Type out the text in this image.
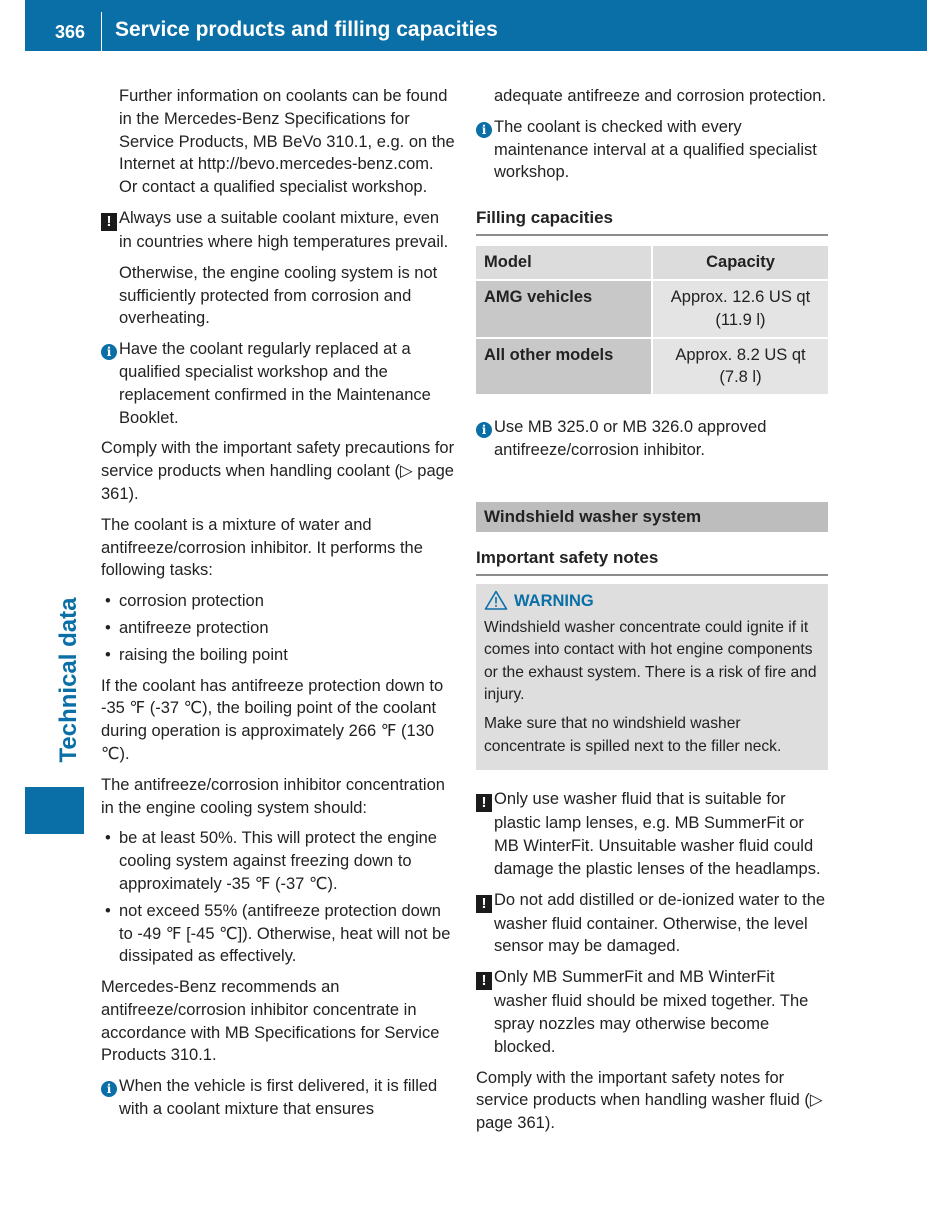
366 Service products and filling capacities
Technical data

Further information on coolants can be found in the Mercedes-Benz Specifications for Service Products, MB BeVo 310.1, e.g. on the Internet at http://bevo.mercedes-benz.com. Or contact a qualified specialist workshop.

! Always use a suitable coolant mixture, even in countries where high temperatures prevail.

Otherwise, the engine cooling system is not sufficiently protected from corrosion and overheating.

i Have the coolant regularly replaced at a qualified specialist workshop and the replacement confirmed in the Maintenance Booklet.

Comply with the important safety precautions for service products when handling coolant (▷ page 361).

The coolant is a mixture of water and antifreeze/corrosion inhibitor. It performs the following tasks:

• corrosion protection
• antifreeze protection
• raising the boiling point

If the coolant has antifreeze protection down to -35 ℉ (-37 ℃), the boiling point of the coolant during operation is approximately 266 ℉ (130 ℃).

The antifreeze/corrosion inhibitor concentration in the engine cooling system should:

• be at least 50%. This will protect the engine cooling system against freezing down to approximately -35 ℉ (-37 ℃).
• not exceed 55% (antifreeze protection down to -49 ℉ [-45 ℃]). Otherwise, heat will not be dissipated as effectively.

Mercedes-Benz recommends an antifreeze/corrosion inhibitor concentrate in accordance with MB Specifications for Service Products 310.1.

i When the vehicle is first delivered, it is filled with a coolant mixture that ensures

adequate antifreeze and corrosion protection.

i The coolant is checked with every maintenance interval at a qualified specialist workshop.

Filling capacities
Model	Capacity
AMG vehicles	Approx. 12.6 US qt (11.9 l)
All other models	Approx. 8.2 US qt (7.8 l)

i Use MB 325.0 or MB 326.0 approved antifreeze/corrosion inhibitor.

Windshield washer system
Important safety notes
WARNING

Windshield washer concentrate could ignite if it comes into contact with hot engine components or the exhaust system. There is a risk of fire and injury.

Make sure that no windshield washer concentrate is spilled next to the filler neck.

! Only use washer fluid that is suitable for plastic lamp lenses, e.g. MB SummerFit or MB WinterFit. Unsuitable washer fluid could damage the plastic lenses of the headlamps.

! Do not add distilled or de-ionized water to the washer fluid container. Otherwise, the level sensor may be damaged.

! Only MB SummerFit and MB WinterFit washer fluid should be mixed together. The spray nozzles may otherwise become blocked.

Comply with the important safety notes for service products when handling washer fluid (▷ page 361).
